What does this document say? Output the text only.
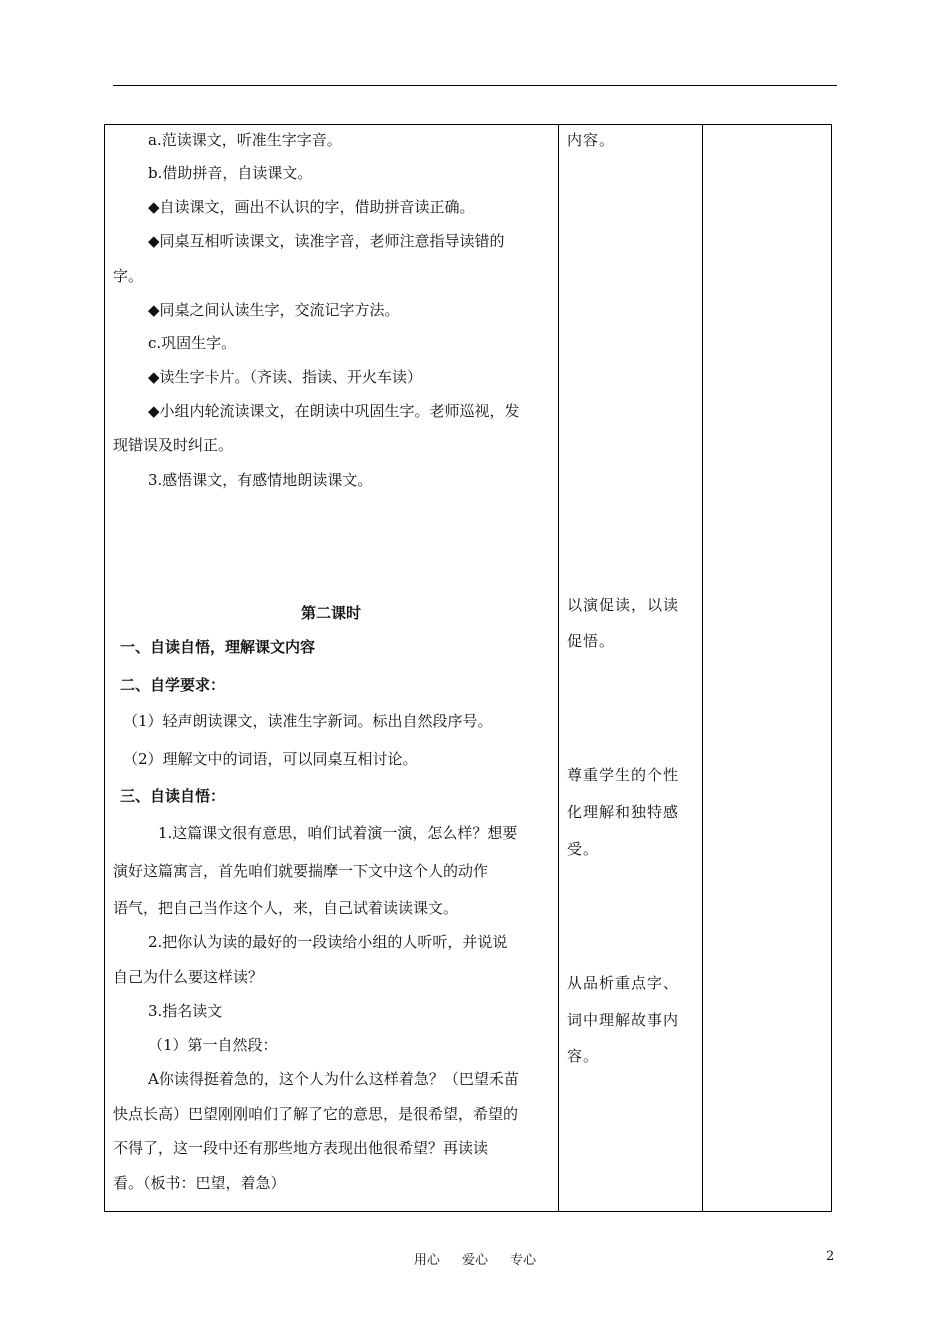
a.范读课文，听准生字字音。
b.借助拼音，自读课文。
◆自读课文，画出不认识的字，借助拼音读正确。
◆同桌互相听读课文，读准字音，老师注意指导读错的
字。
◆同桌之间认读生字，交流记字方法。
c.巩固生字。
◆读生字卡片。（齐读、指读、开火车读）
◆小组内轮流读课文，在朗读中巩固生字。老师巡视，发
现错误及时纠正。
3.感悟课文，有感情地朗读课文。
第二课时
一、自读自悟，理解课文内容
二、自学要求：
（1）轻声朗读课文，读准生字新词。标出自然段序号。
（2）理解文中的词语，可以同桌互相讨论。
三、自读自悟：
1.这篇课文很有意思，咱们试着演一演，怎么样？想要
演好这篇寓言，首先咱们就要揣摩一下文中这个人的动作
语气，把自己当作这个人，来，自己试着读读课文。
2.把你认为读的最好的一段读给小组的人听听，并说说
自己为什么要这样读？
3.指名读文
（1）第一自然段：
A你读得挺着急的，这个人为什么这样着急？（巴望禾苗
快点长高）巴望刚刚咱们了解了它的意思，是很希望，希望的
不得了，这一段中还有那些地方表现出他很希望？再读读
看。（板书：巴望，着急）
内容。
以演促读，以读
促悟。
尊重学生的个性
化理解和独特感
受。
从品析重点字、
词中理解故事内
容。
用心 爱心 专心	2
